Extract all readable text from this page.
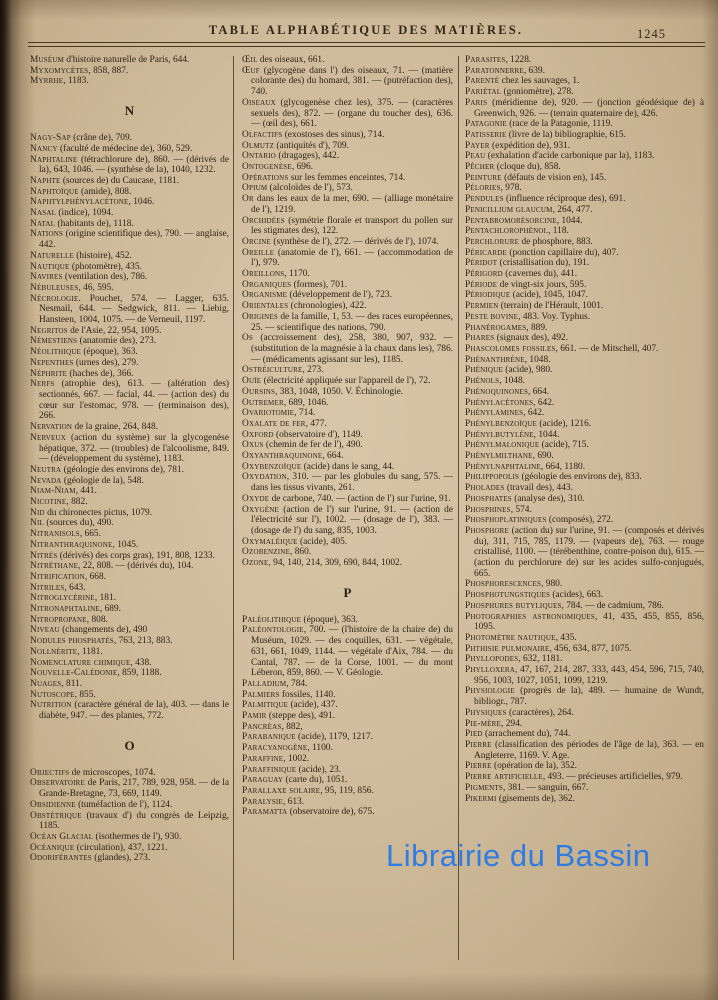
TABLE ALPHABÉTIQUE DES MATIÈRES.	1245

Muséum d'histoire naturelle de Paris, 644.

Myxomycètes, 858, 887.

Myrrhe, 1183.

N

Nagy-Sap (crâne de), 709.

Nancy (faculté de médecine de), 360, 529.

Naphtaline (tétrachlorure de), 860. — (dérivés de la), 643, 1046. — (synthèse de la), 1040, 1232.

Naphte (sources de) du Caucase, 1181.

Naphtoïque (amide), 808.

Naphtylphénylacétone, 1046.

Nasal (indice), 1094.

Natal (habitants de), 1118.

Nations (origine scientifique des), 790. — anglaise, 442.

Naturelle (histoire), 452.

Nautique (photomètre), 435.

Navires (ventilation des), 786.

Nébuleuses, 46, 595.

Nécrologie. Pouchet, 574. — Lagger, 635. Nesmail, 644. — Sedgwick, 811. — Liebig, Hansteen, 1004, 1075. — de Verneuil, 1197.

Negritos de l'Asie, 22, 954, 1095.

Némestiens (anatomie des), 273.

Néolithique (époque), 363.

Nepenthes (urnes des), 279.

Néphrite (haches de), 366.

Nerfs (atrophie des), 613. — (altération des) sectionnés, 667. — facial, 44. — (action des) du cœur sur l'estomac, 978. — (terminaison des), 266.

Nervation de la graine, 264, 848.

Nerveux (action du système) sur la glycogenèse hépatique, 372. — (troubles) de l'alcoolisme, 849. — (développement du système), 1183.

Neutra (géologie des environs de), 781.

Nevada (géologie de la), 548.

Niam-Niam, 441.

Nicotine, 882.

Nid du chironectes pictus, 1079.

Nil (sources du), 490.

Nitranisols, 665.

Nitranthraquinone, 1045.

Nitrés (dérivés) des corps gras), 191, 808, 1233.

Nitréthane, 22, 808. — (dérivés du), 104.

Nitrification, 668.

Nitriles, 643.

Nitroglycérine, 181.

Nitronaphtaline, 689.

Nitropropane, 808.

Niveau (changements de), 490

Nodules phosphatés, 763, 213, 883.

Nollnérite, 1181.

Nomenclature chimique, 438.

Nouvelle-Calédonie, 859, 1188.

Nuages, 811.

Nutoscope, 855.

Nutrition (caractère général de la), 403. — dans le diabète, 947. — des plantes, 772.

O

Objectifs de microscopes, 1074.

Observatoire de Paris, 217, 789, 928, 958. — de la Grande-Bretagne, 73, 669, 1149.

Obsidienne (tuméfaction de l'), 1124.

Obstétrique (travaux d') du congrès de Leipzig, 1185.

Océan Glacial (isothermes de l'), 930.

Océanique (circulation), 437, 1221.

Odoriférantes (glandes), 273.

Œil des oiseaux, 661.

Œuf (glycogène dans l') des oiseaux, 71. — (matière colorante des) du homard, 381. — (putréfaction des), 740.

Oiseaux (glycogenèse chez les), 375. — (caractères sexuels des), 872. — (organe du toucher des), 636. — (œil des), 661.

Olfactifs (exostoses des sinus), 714.

Olmutz (antiquités d'), 709.

Ontario (dragages), 442.

Ontogenèse, 696.

Opérations sur les femmes enceintes, 714.

Opium (alcoloïdes de l'), 573.

Or dans les eaux de la mer, 690. — (alliage monétaire de l'), 1219.

Orchidées (symétrie florale et transport du pollen sur les stigmates des), 122.

Orcine (synthèse de l'), 272. — dérivés de l'), 1074.

Oreille (anatomie de l'), 661. — (accommodation de l'), 979.

Oreillons, 1170.

Organiques (formes), 701.

Organisme (développement de l'), 723.

Orientales (chronologies), 422.

Origines de la famille, 1, 53. — des races européennes, 25. — scientifique des nations, 790.

Os (accroissement des), 258, 380, 907, 932. — (substitution de la magnésie à la chaux dans les), 786. — (médicaments agissant sur les), 1185.

Ostréiculture, 273.

Ouïe (électricité appliquée sur l'appareil de l'), 72.

Oursins, 383, 1048, 1050. V. Échinologie.

Outremer, 689, 1046.

Ovariotomie, 714.

Oxalate de fer, 477.

Oxford (observatoire d'), 1149.

Oxus (chemin de fer de l'), 490.

Oxyanthraquinone, 664.

Oxybenzoïque (acide) dans le sang, 44.

Oxydation, 310. — par les globules du sang, 575. — dans les tissus vivants, 261.

Oxyde de carbone, 740. — (action de l') sur l'urine, 91.

Oxygène (action de l') sur l'urine, 91. — (action de l'électricité sur l'), 1002. — (dosage de l'), 383. — (dosage de l') du sang, 835, 1003.

Oxymaléique (acide), 405.

Ozobenzine, 860.

Ozone, 94, 140, 214, 309, 690, 844, 1002.

P

Paléolithique (époque), 363.

Paléontologie, 700. — (l'histoire de la chaire de) du Muséum, 1029. — des coquilles, 631. — végétale, 631, 661, 1049, 1144. — végétale d'Aix, 784. — du Cantal, 787. — de la Corse, 1001. — du mont Léberon, 859, 860. — V. Géologie.

Palladium, 784.

Palmiers fossiles, 1140.

Palmitique (acide), 437.

Pamir (steppe des), 491.

Pancréas, 882,

Parabanique (acide), 1179, 1217.

Paracyanogène, 1100.

Paraffine, 1002.

Paraffinique (acide), 23.

Paraguay (carte du), 1051.

Parallaxe solaire, 95, 119, 856.

Paralysie, 613.

Paramatta (observatoire de), 675.

Parasites, 1228.

Paratonnerre, 639.

Parenté chez les sauvages, 1.

Pariétal (goniomètre), 278.

Paris (méridienne de), 920. — (jonction géodésique de) à Greenwich, 926. — (terrain quaternaire de), 426.

Patagonie (race de la Patagonie, 1119.

Patisserie (livre de la) bibliographie, 615.

Payer (expédition de), 931.

Peau (exhalation d'acide carbonique par la), 1183.

Pêcher (cloque du), 858.

Peinture (défauts de vision en), 145.

Pélories, 978.

Pendules (influence réciproque des), 691.

Penicillium glaucum, 264, 477.

Pentabromorésorcine, 1044.

Pentachlorophénol, 118.

Perchlorure de phosphore, 883.

Péricarde (ponction capillaire du), 407.

Péridot (cristallisation du), 191.

Périgord (cavernes du), 441.

Période de vingt-six jours, 595.

Périodique (acide), 1045, 1047.

Permien (terrain) de l'Hérault, 1001.

Peste bovine, 483. Voy. Typhus.

Phanérogames, 889.

Phares (signaux des), 492.

Phascolomes fossiles, 661. — de Mitschell, 407.

Phénanthrène, 1048.

Phénique (acide), 980.

Phénols, 1048.

Phénoquinones, 664.

Phénylacétones, 642.

Phénylamines, 642.

Phénylbenzoïque (acide), 1216.

Phénylbutylène, 1044.

Phénylmalonique (acide), 715.

Phénylmilthane, 690.

Phénylnaphtaline, 664, 1180.

Philippopolis (géologie des environs de), 833.

Pholades (travail des), 443.

Phosphates (analyse des), 310.

Phosphines, 574.

Phosphoplatiniques (composés), 272.

Phosphore (action du) sur l'urine, 91. — (composés et dérivés du), 311, 715, 785, 1179. — (vapeurs de), 763. — rouge cristallisé, 1100. — (térébenthine, contre-poison du), 615. — (action du perchlorure de) sur les acides sulfo-conjugués, 665.

Phosphorescences, 980.

Phosphotungstiques (acides), 663.

Phosphures butyliques, 784. — de cadmium, 786.

Photographies astronomiques, 41, 435, 455, 855, 856, 1095.

Photomètre nautique, 435.

Phthisie pulmonaire, 456, 634, 877, 1075.

Phyllopodes, 632, 1181.

Phylloxera, 47, 167, 214, 287, 333, 443, 454, 596, 715, 740, 956, 1003, 1027, 1051, 1099, 1219.

Physiologie (progrès de la), 489. — humaine de Wundt, bibliogr., 787.

Physiques (caractères), 264.

Pie-mère, 294.

Pied (arrachement du), 744.

Pierre (classification des périodes de l'âge de la), 363. — en Angleterre, 1169. V. Age.

Pierre (opération de la), 352.

Pierre artificielle, 493. — précieuses artificielles, 979.

Pigments, 381. — sanguin, 667.

Pikermi (gisements de), 362.

Librairie du Bassin
